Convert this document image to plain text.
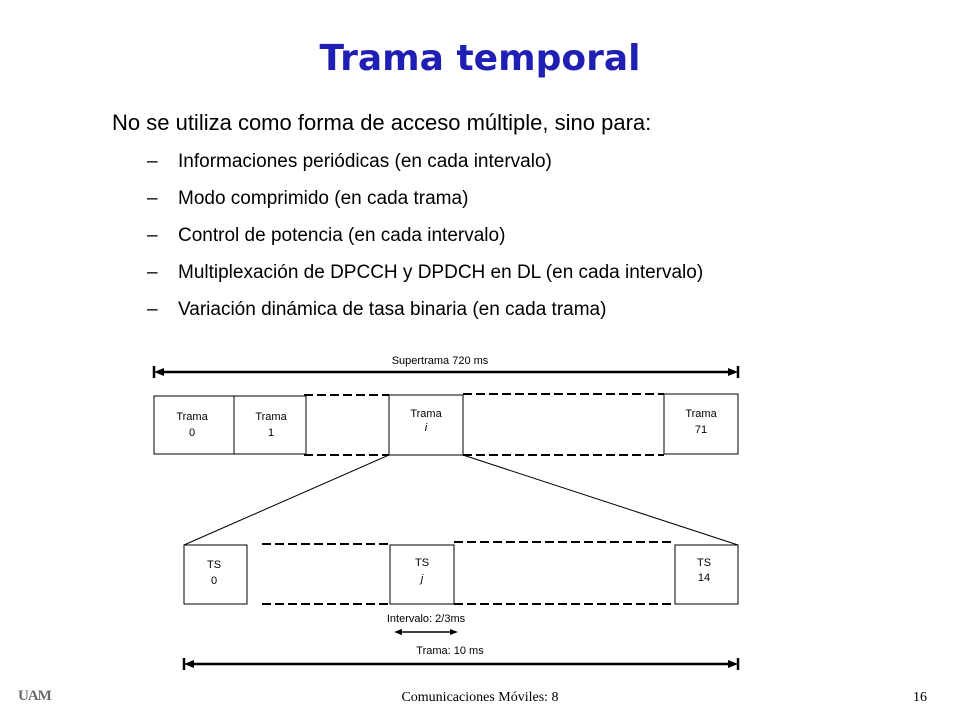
Trama temporal
No se utiliza como forma de acceso múltiple, sino para:
– Informaciones periódicas (en cada intervalo)
– Modo comprimido (en cada trama)
– Control de potencia (en cada intervalo)
– Multiplexación de DPCCH y DPDCH en DL (en cada intervalo)
– Variación dinámica de tasa binaria (en cada trama)
Supertrama 720 ms
Trama
0
Trama
1
Trama
i
Trama
71
TS
0
TS
j
TS
14
Intervalo: 2/3ms
Trama: 10 ms
UAM	Comunicaciones Móviles: 8	16
